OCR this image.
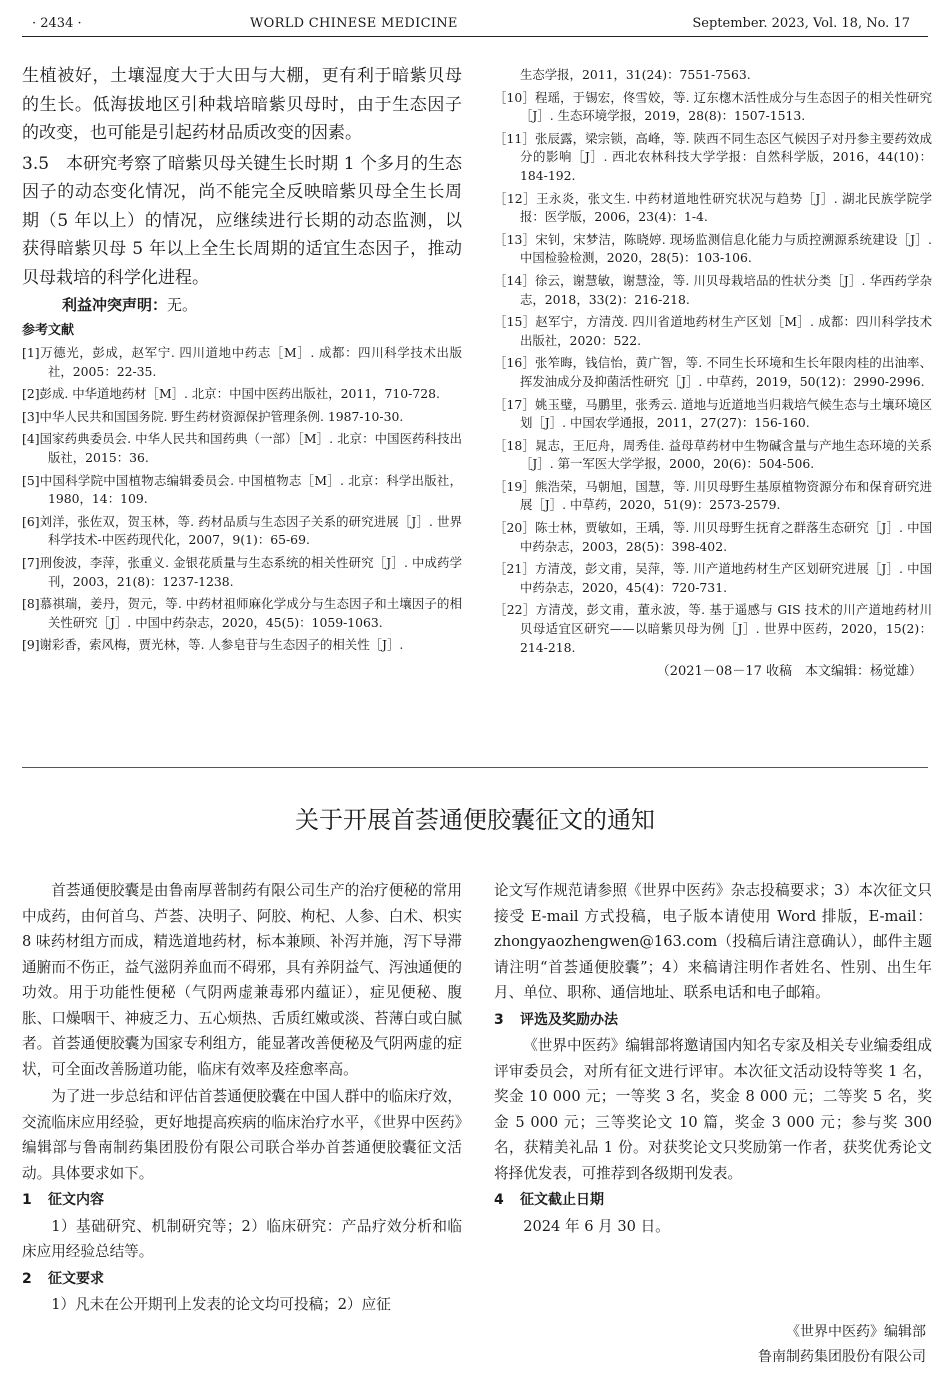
· 2434 ·	WORLD CHINESE MEDICINE	September. 2023, Vol. 18, No. 17

生植被好，土壤湿度大于大田与大棚，更有利于暗紫贝母的生长。低海拔地区引种栽培暗紫贝母时，由于生态因子的改变，也可能是引起药材品质改变的因素。

3.5　本研究考察了暗紫贝母关键生长时期 1 个多月的生态因子的动态变化情况，尚不能完全反映暗紫贝母全生长周期（5 年以上）的情况，应继续进行长期的动态监测，以获得暗紫贝母 5 年以上全生长周期的适宜生态因子，推动贝母栽培的科学化进程。

利益冲突声明：无。

参考文献

[1]万德光，彭成，赵军宁. 四川道地中药志［M］. 成都：四川科学技术出版社，2005：22-35.

[2]彭成. 中华道地药材［M］. 北京：中国中医药出版社，2011，710-728.

[3]中华人民共和国国务院. 野生药材资源保护管理条例. 1987-10-30.

[4]国家药典委员会. 中华人民共和国药典（一部）［M］. 北京：中国医药科技出版社，2015：36.

[5]中国科学院中国植物志编辑委员会. 中国植物志［M］. 北京：科学出版社，1980，14：109.

[6]刘洋，张佐双，贺玉林，等. 药材品质与生态因子关系的研究进展［J］. 世界科学技术-中医药现代化，2007，9(1)：65-69.

[7]刑俊波，李萍，张重义. 金银花质量与生态系统的相关性研究［J］. 中成药学刊，2003，21(8)：1237-1238.

[8]慕祺瑞，姜丹，贺元，等. 中药材祖师麻化学成分与生态因子和土壤因子的相关性研究［J］. 中国中药杂志，2020，45(5)：1059-1063.

[9]谢彩香，索风梅，贾光林，等. 人参皂苷与生态因子的相关性［J］.

生态学报，2011，31(24)：7551-7563.

［10］程瑶，于锡宏，佟雪姣，等. 辽东楤木活性成分与生态因子的相关性研究［J］. 生态环境学报，2019，28(8)：1507-1513.

［11］张辰露，梁宗锁，高峰，等. 陕西不同生态区气候因子对丹参主要药效成分的影响［J］. 西北农林科技大学学报：自然科学版，2016，44(10)：184-192.

［12］王永炎，张文生. 中药材道地性研究状况与趋势［J］. 湖北民族学院学报：医学版，2006，23(4)：1-4.

［13］宋钊，宋梦洁，陈晓婷. 现场监测信息化能力与质控溯源系统建设［J］. 中国检验检测，2020，28(5)：103-106.

［14］徐云，谢慧敏，谢慧淦，等. 川贝母栽培品的性状分类［J］. 华西药学杂志，2018，33(2)：216-218.

［15］赵军宁，方清茂. 四川省道地药材生产区划［M］. 成都：四川科学技术出版社，2020：522.

［16］张笮晦，钱信怡，黄广智，等. 不同生长环境和生长年限肉桂的出油率、挥发油成分及抑菌活性研究［J］. 中草药，2019，50(12)：2990-2996.

［17］姚玉璧，马鹏里，张秀云. 道地与近道地当归栽培气候生态与土壤环境区划［J］. 中国农学通报，2011，27(27)：156-160.

［18］晁志，王厄舟，周秀佳. 益母草药材中生物碱含量与产地生态环境的关系［J］. 第一军医大学学报，2000，20(6)：504-506.

［19］熊浩荣，马朝旭，国慧，等. 川贝母野生基原植物资源分布和保育研究进展［J］. 中草药，2020，51(9)：2573-2579.

［20］陈士林，贾敏如，王瑀，等. 川贝母野生抚育之群落生态研究［J］. 中国中药杂志，2003，28(5)：398-402.

［21］方清茂，彭文甫，吴萍，等. 川产道地药材生产区划研究进展［J］. 中国中药杂志，2020，45(4)：720-731.

［22］方清茂，彭文甫，董永波，等. 基于遥感与 GIS 技术的川产道地药材川贝母适宜区研究——以暗紫贝母为例［J］. 世界中医药，2020，15(2)：214-218.

（2021－08－17 收稿　本文编辑：杨觉雄）
关于开展首荟通便胶囊征文的通知

首荟通便胶囊是由鲁南厚普制药有限公司生产的治疗便秘的常用中成药，由何首乌、芦荟、决明子、阿胶、枸杞、人参、白术、枳实 8 味药材组方而成，精选道地药材，标本兼顾、补泻并施，泻下导滞通腑而不伤正，益气滋阴养血而不碍邪，具有养阴益气、泻浊通便的功效。用于功能性便秘（气阴两虚兼毒邪内蕴证），症见便秘、腹胀、口燥咽干、神疲乏力、五心烦热、舌质红嫩或淡、苔薄白或白腻者。首荟通便胶囊为国家专利组方，能显著改善便秘及气阴两虚的症状，可全面改善肠道功能，临床有效率及痊愈率高。

为了进一步总结和评估首荟通便胶囊在中国人群中的临床疗效，交流临床应用经验，更好地提高疾病的临床治疗水平，《世界中医药》编辑部与鲁南制药集团股份有限公司联合举办首荟通便胶囊征文活动。具体要求如下。

1 征文内容

1）基础研究、机制研究等；2）临床研究：产品疗效分析和临床应用经验总结等。

2 征文要求

1）凡未在公开期刊上发表的论文均可投稿；2）应征

论文写作规范请参照《世界中医药》杂志投稿要求；3）本次征文只接受 E-mail 方式投稿，电子版本请使用 Word 排版，E-mail：zhongyaozhengwen@163.com（投稿后请注意确认），邮件主题请注明“首荟通便胶囊”；4）来稿请注明作者姓名、性别、出生年月、单位、职称、通信地址、联系电话和电子邮箱。

3 评选及奖励办法

《世界中医药》编辑部将邀请国内知名专家及相关专业编委组成评审委员会，对所有征文进行评审。本次征文活动设特等奖 1 名，奖金 10 000 元；一等奖 3 名，奖金 8 000 元；二等奖 5 名，奖金 5 000 元；三等奖论文 10 篇，奖金 3 000 元；参与奖 300 名，获精美礼品 1 份。对获奖论文只奖励第一作者，获奖优秀论文将择优发表，可推荐到各级期刊发表。

4 征文截止日期

2024 年 6 月 30 日。

《世界中医药》编辑部

鲁南制药集团股份有限公司
